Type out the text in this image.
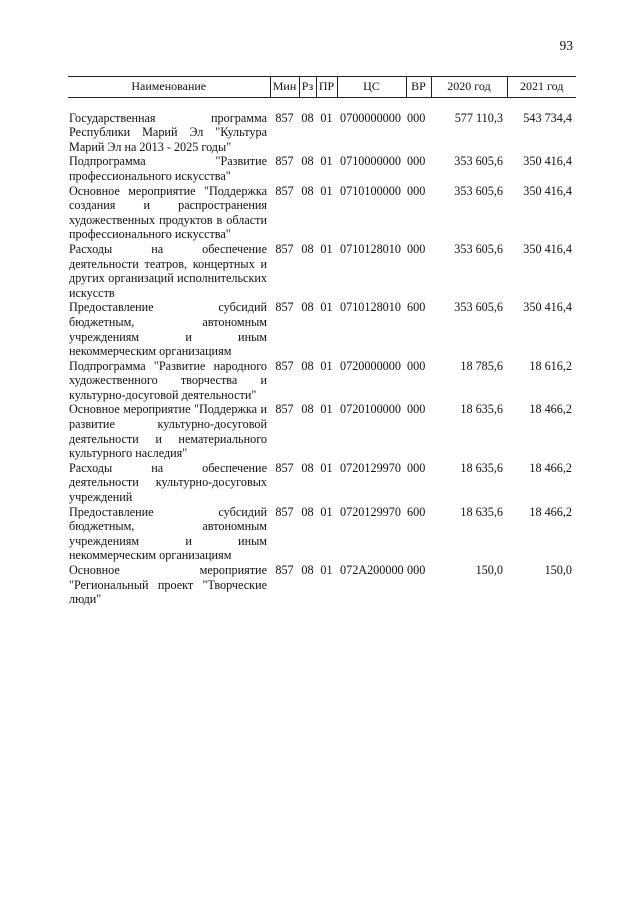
93
Наименование	Мин	Рз	ПР	ЦС	ВР	2020 год	2021 год
Государственная программа Республики Марий Эл "Культура Марий Эл на 2013 - 2025 годы"	857	08	01	0700000000	000	577 110,3	543 734,4
Подпрограмма "Развитие профессионального искусства"	857	08	01	0710000000	000	353 605,6	350 416,4
Основное мероприятие "Поддержка создания и распространения художественных продуктов в области профессионального искусства"	857	08	01	0710100000	000	353 605,6	350 416,4
Расходы на обеспечение деятельности театров, концертных и других организаций исполнительских искусств	857	08	01	0710128010	000	353 605,6	350 416,4
Предоставление субсидий бюджетным, автономным учреждениям и иным некоммерческим организациям	857	08	01	0710128010	600	353 605,6	350 416,4
Подпрограмма "Развитие народного художественного творчества и культурно-досуговой деятельности"	857	08	01	0720000000	000	18 785,6	18 616,2
Основное мероприятие "Поддержка и развитие культурно-досуговой деятельности и нематериального культурного наследия"	857	08	01	0720100000	000	18 635,6	18 466,2
Расходы на обеспечение деятельности культурно-досуговых учреждений	857	08	01	0720129970	000	18 635,6	18 466,2
Предоставление субсидий бюджетным, автономным учреждениям и иным некоммерческим организациям	857	08	01	0720129970	600	18 635,6	18 466,2
Основное мероприятие "Региональный проект "Творческие люди"	857	08	01	072A200000	000	150,0	150,0
